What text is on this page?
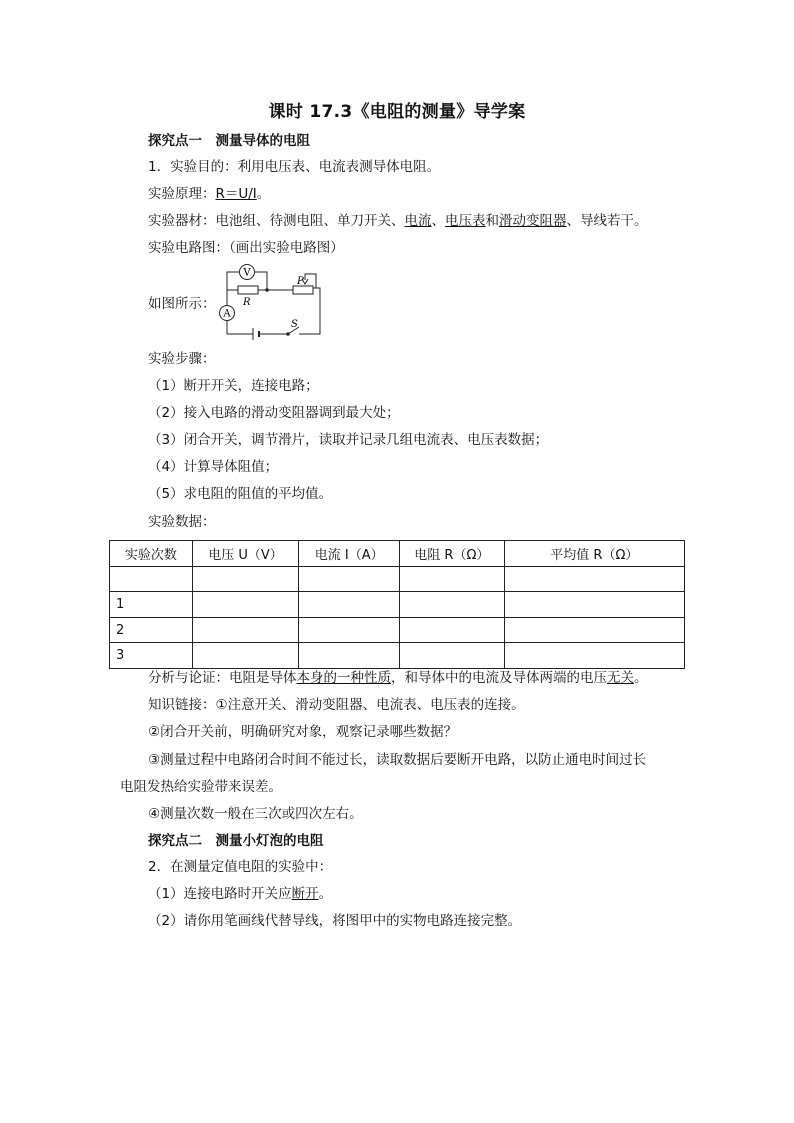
课时 17.3《电阻的测量》导学案
探究点一　测量导体的电阻
1．实验目的：利用电压表、电流表测导体电阻。
实验原理：R＝U/I。
实验器材：电池组、待测电阻、单刀开关、电流、电压表和滑动变阻器、导线若干。
实验电路图：（画出实验电路图）
如图所示：
V
A
R
P
S
实验步骤：
（1）断开开关，连接电路；
（2）接入电路的滑动变阻器调到最大处；
（3）闭合开关，调节滑片，读取并记录几组电流表、电压表数据；
（4）计算导体阻值；
（5）求电阻的阻值的平均值。
实验数据：
实验次数	电压 U（V）	电流 I（A）	电阻 R（Ω）	平均值 R（Ω）

1				
2				
3				
分析与论证：电阻是导体本身的一种性质，和导体中的电流及导体两端的电压无关。
知识链接：①注意开关、滑动变阻器、电流表、电压表的连接。
②闭合开关前，明确研究对象，观察记录哪些数据？
③测量过程中电路闭合时间不能过长，读取数据后要断开电路，以防止通电时间过长
电阻发热给实验带来误差。
④测量次数一般在三次或四次左右。
探究点二　测量小灯泡的电阻
2．在测量定值电阻的实验中：
（1）连接电路时开关应断开。
（2）请你用笔画线代替导线，将图甲中的实物电路连接完整。
